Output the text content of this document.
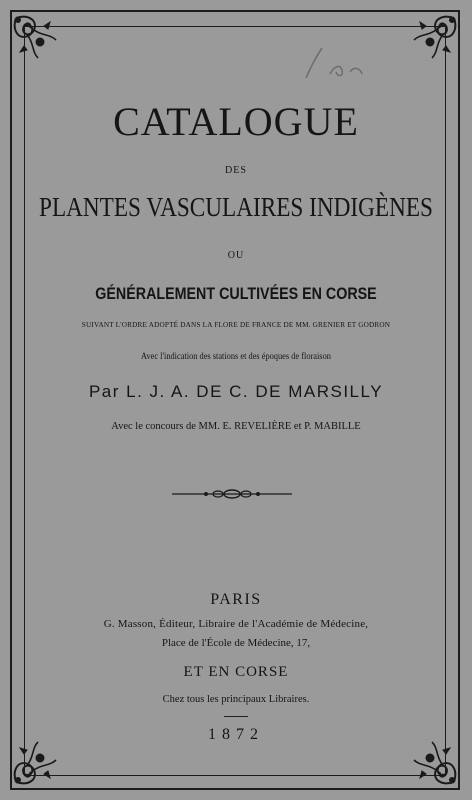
CATALOGUE
DES
PLANTES VASCULAIRES INDIGÈNES
OU
GÉNÉRALEMENT CULTIVÉES EN CORSE
SUIVANT L'ORDRE ADOPTÉ DANS LA FLORE DE FRANCE DE MM. GRENIER ET GODRON
Avec l'indication des stations et des époques de floraison
Par L. J. A. DE C. DE MARSILLY
Avec le concours de MM. E. REVELIÈRE et P. MABILLE
PARIS
G. Masson, Éditeur, Libraire de l'Académie de Médecine,
Place de l'École de Médecine, 17,
ET EN CORSE
Chez tous les principaux Libraires.
1872
